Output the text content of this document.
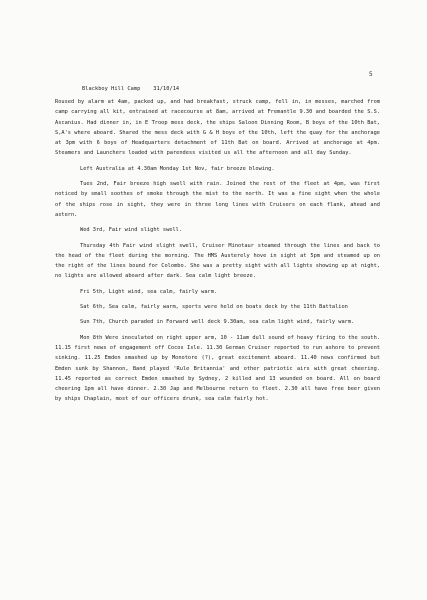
5
Blackboy Hill Camp    31/10/14

Roused by alarm at 4am, packed up, and had breakfast, struck camp, fell in, in messes, marched from camp carrying all kit, entrained at racecourse at 8am, arrived at Fremantle 9.30 and boarded the S.S. Ascanius. Had dinner in, in E Troop mess deck, the ships Saloon Dinning Room, B boys of the 10th Bat, S,A's where aboard. Shared the mess deck with G & H boys of the 10th, left the quay for the anchorage at 3pm with 6 boys of Headquarters detachment of 11th Bat on board. Arrived at anchorage at 4pm. Steamers and Launchers loaded with parendess visited us all the afternoon and all day Sunday.

Left Australia at 4.30am Monday 1st Nov, fair breeze blowing.

Tues 2nd, Fair breeze high swell with rain. Joined the rest of the fleet at 4pm, was first noticed by small soothes of smoke through the mist to the north. It was a fine sight when the whole of the ships rose in sight, they were in three long lines with Cruisers on each flank, ahead and astern.

Wed 3rd, Fair wind slight swell.

Thursday 4th Fair wind slight swell, Cruiser Minotaur steamed through the lines and back to the head of the fleet during the morning. The HMS Austerely hove in sight at 5pm and steamed up on the right of the lines bound for Colombo. She was a pretty sight with all lights showing up at night, no lights are allowed aboard after dark. Sea calm light breeze.

Fri 5th, Light wind, sea calm, fairly warm.

Sat 6th, Sea calm, fairly warm, sports were held on boats deck by the 11th Battalion

Sun 7th, Church paraded in Forward well deck 9.30am, sea calm light wind, fairly warm.

Mon 8th Were inoculated on right upper arm, 10 - 11am dull sound of heavy firing to the south. 11.15 first news of engagement off Cocos Isle. 11.30 German Cruiser reported to run ashore to prevent sinking. 11.25 Emden smashed up by Monotore (?), great excitement aboard. 11.40 news confirmed but Emden sunk by Shannon, Band played 'Rule Britannia' and other patriotic airs with great cheering. 11.45 reported as correct Emden smashed by Sydney, 2 killed and 13 wounded on board. All on board cheering 1pm all have dinner. 2.30 Jap and Melbourne return to fleet. 2.30 all have free beer given by ships Chaplain, most of our officers drunk, sea calm fairly hot.
